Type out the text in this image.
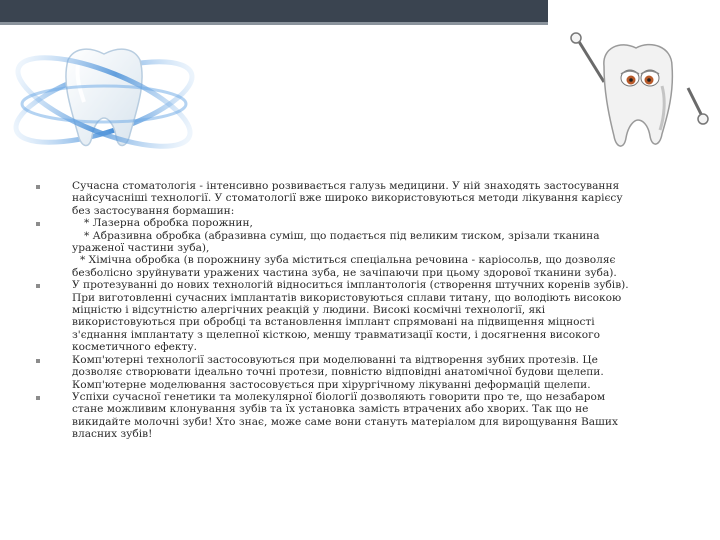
Сучасна стоматологія - інтенсивно розвивається галузь медицини. У ній знаходять застосування
найсучасніші технології. У стоматології вже широко використовуються методи лікування карієсу
без застосування бормашин:
* Лазерна обробка порожнин,
* Абразивна обробка (абразивна суміш, що подається під великим тиском, зрізали тканина
ураженої частини зуба),
* Хімічна обробка (в порожнину зуба міститься спеціальна речовина - каріосольв, що дозволяє
безболісно зруйнувати уражених частина зуба, не зачіпаючи при цьому здорової тканини зуба).
У протезуванні до нових технологій відноситься імплантологія (створення штучних коренів зубів).
При виготовленні сучасних імплантатів використовуються сплави титану, що володіють високою
міцністю і відсутністю алергічних реакцій у людини. Високі космічні технології, які
використовуються при обробці та встановлення імплант спрямовані на підвищення міцності
з'єднання імплантату з щелепної кісткою, меншу травматизації кости, і досягнення високого
косметичного ефекту.
Комп'ютерні технології застосовуються при моделюванні та відтворення зубних протезів. Це
дозволяє створювати ідеально точні протези, повністю відповідні анатомічної будови щелепи.
Комп'ютерне моделювання застосовується при хірургічному лікуванні деформацій щелепи.
Успіхи сучасної генетики та молекулярної біології дозволяють говорити про те, що незабаром
стане можливим клонування зубів та їх установка замість втрачених або хворих. Так що не
викидайте молочні зуби! Хто знає, може саме вони стануть матеріалом для вирощування Ваших
власних зубів!
